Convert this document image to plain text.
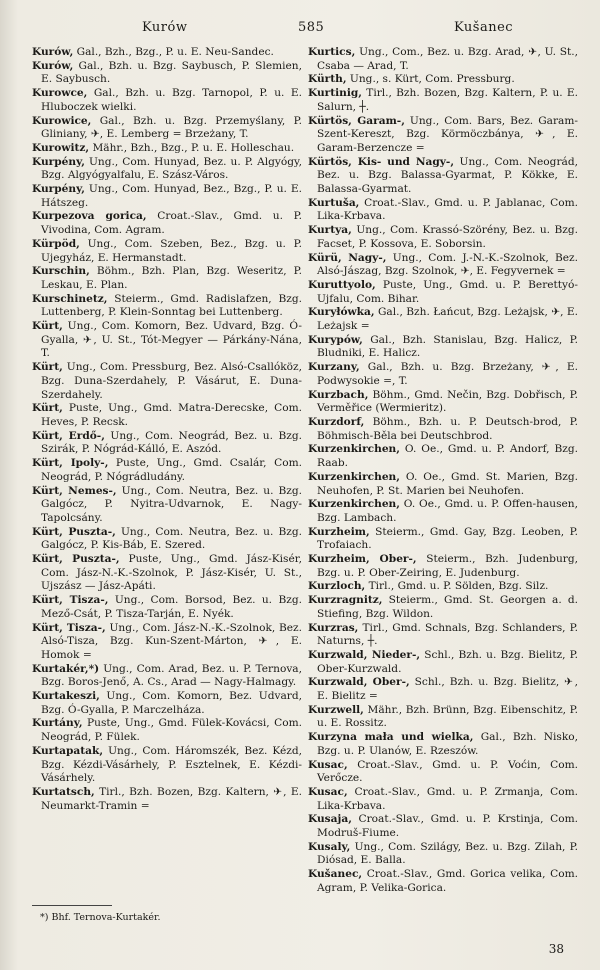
Kurów	585	Kušanec

Kurów, Gal., Bzh., Bzg., P. u. E. Neu-Sandec.

Kurów, Gal., Bzh. u. Bzg. Saybusch, P. Slemien, E. Saybusch.

Kurowce, Gal., Bzh. u. Bzg. Tarnopol, P. u. E. Hluboczek wielki.

Kurowice, Gal., Bzh. u. Bzg. Przemyślany, P. Gliniany, ✈, E. Lemberg = Brzeżany, T.

Kurowitz, Mähr., Bzh., Bzg., P. u. E. Holleschau.

Kurpény, Ung., Com. Hunyad, Bez. u. P. Algyógy, Bzg. Algyógyalfalu, E. Szász-Város.

Kurpény, Ung., Com. Hunyad, Bez., Bzg., P. u. E. Hátszeg.

Kurpezova gorica, Croat.-Slav., Gmd. u. P. Vivodina, Com. Agram.

Kürpöd, Ung., Com. Szeben, Bez., Bzg. u. P. Ujegyház, E. Hermanstadt.

Kurschin, Böhm., Bzh. Plan, Bzg. Weseritz, P. Leskau, E. Plan.

Kurschinetz, Steierm., Gmd. Radislafzen, Bzg. Luttenberg, P. Klein-Sonntag bei Luttenberg.

Kürt, Ung., Com. Komorn, Bez. Udvard, Bzg. Ó-Gyalla, ✈, U. St., Tót-Megyer — Párkány-Nána, T.

Kürt, Ung., Com. Pressburg, Bez. Alsó-Csallóköz, Bzg. Duna-Szerdahely, P. Vásárut, E. Duna-Szerdahely.

Kürt, Puste, Ung., Gmd. Matra-Derecske, Com. Heves, P. Recsk.

Kürt, Erdő-, Ung., Com. Neográd, Bez. u. Bzg. Szirák, P. Nógrád-Kálló, E. Aszód.

Kürt, Ipoly-, Puste, Ung., Gmd. Csalár, Com. Neográd, P. Nógrádludány.

Kürt, Nemes-, Ung., Com. Neutra, Bez. u. Bzg. Galgócz, P. Nyitra-Udvarnok, E. Nagy-Tapolcsány.

Kürt, Puszta-, Ung., Com. Neutra, Bez. u. Bzg. Galgócz, P. Kis-Báb, E. Szered.

Kürt, Puszta-, Puste, Ung., Gmd. Jász-Kisér, Com. Jász-N.-K.-Szolnok, P. Jász-Kisér, U. St., Ujszász — Jász-Apáti.

Kürt, Tisza-, Ung., Com. Borsod, Bez. u. Bzg. Mező-Csát, P. Tisza-Tarján, E. Nyék.

Kürt, Tisza-, Ung., Com. Jász-N.-K.-Szolnok, Bez. Alsó-Tisza, Bzg. Kun-Szent-Márton, ✈, E. Homok =

Kurtakér,*) Ung., Com. Arad, Bez. u. P. Ternova, Bzg. Boros-Jenő, A. Cs., Arad — Nagy-Halmagy.

Kurtakeszi, Ung., Com. Komorn, Bez. Udvard, Bzg. Ó-Gyalla, P. Marczelháza.

Kurtány, Puste, Ung., Gmd. Fülek-Kovácsi, Com. Neográd, P. Fülek.

Kurtapatak, Ung., Com. Háromszék, Bez. Kézd, Bzg. Kézdi-Vásárhely, P. Esztelnek, E. Kézdi-Vásárhely.

Kurtatsch, Tirl., Bzh. Bozen, Bzg. Kaltern, ✈, E. Neumarkt-Tramin =

Kurtics, Ung., Com., Bez. u. Bzg. Arad, ✈, U. St., Csaba — Arad, T.

Kürth, Ung., s. Kürt, Com. Pressburg.

Kurtinig, Tirl., Bzh. Bozen, Bzg. Kaltern, P. u. E. Salurn, ┼.

Kürtös, Garam-, Ung., Com. Bars, Bez. Garam-Szent-Kereszt, Bzg. Körmöczbánya, ✈, E. Garam-Berzencze =

Kürtös, Kis- und Nagy-, Ung., Com. Neográd, Bez. u. Bzg. Balassa-Gyarmat, P. Kökke, E. Balassa-Gyarmat.

Kurtuša, Croat.-Slav., Gmd. u. P. Jablanac, Com. Lika-Krbava.

Kurtya, Ung., Com. Krassó-Szörény, Bez. u. Bzg. Facset, P. Kossova, E. Soborsin.

Kürü, Nagy-, Ung., Com. J.-N.-K.-Szolnok, Bez. Alsó-Jászag, Bzg. Szolnok, ✈, E. Fegyvernek =

Kuruttyolo, Puste, Ung., Gmd. u. P. Berettyó-Ujfalu, Com. Bihar.

Kuryłówka, Gal., Bzh. Łańcut, Bzg. Leżajsk, ✈, E. Leżajsk =

Kurypów, Gal., Bzh. Stanislau, Bzg. Halicz, P. Bludniki, E. Halicz.

Kurzany, Gal., Bzh. u. Bzg. Brzeżany, ✈, E. Podwysokie =, T.

Kurzbach, Böhm., Gmd. Nečin, Bzg. Dobřisch, P. Verměřice (Wermieritz).

Kurzdorf, Böhm., Bzh. u. P. Deutsch-brod, P. Böhmisch-Běla bei Deutschbrod.

Kurzenkirchen, O. Oe., Gmd. u. P. Andorf, Bzg. Raab.

Kurzenkirchen, O. Oe., Gmd. St. Marien, Bzg. Neuhofen, P. St. Marien bei Neuhofen.

Kurzenkirchen, O. Oe., Gmd. u. P. Offen-hausen, Bzg. Lambach.

Kurzheim, Steierm., Gmd. Gay, Bzg. Leoben, P. Trofaiach.

Kurzheim, Ober-, Steierm., Bzh. Judenburg, Bzg. u. P. Ober-Zeiring, E. Judenburg.

Kurzloch, Tirl., Gmd. u. P. Sölden, Bzg. Silz.

Kurzragnitz, Steierm., Gmd. St. Georgen a. d. Stiefing, Bzg. Wildon.

Kurzras, Tirl., Gmd. Schnals, Bzg. Schlanders, P. Naturns, ┼.

Kurzwald, Nieder-, Schl., Bzh. u. Bzg. Bielitz, P. Ober-Kurzwald.

Kurzwald, Ober-, Schl., Bzh. u. Bzg. Bielitz, ✈, E. Bielitz =

Kurzwell, Mähr., Bzh. Brünn, Bzg. Eibenschitz, P. u. E. Rossitz.

Kurzyna mała und wielka, Gal., Bzh. Nisko, Bzg. u. P. Ulanów, E. Rzeszów.

Kusac, Croat.-Slav., Gmd. u. P. Voćin, Com. Verőcze.

Kusac, Croat.-Slav., Gmd. u. P. Zrmanja, Com. Lika-Krbava.

Kusaja, Croat.-Slav., Gmd. u. P. Krstinja, Com. Modruš-Fiume.

Kusaly, Ung., Com. Szilágy, Bez. u. Bzg. Zilah, P. Diósad, E. Balla.

Kušanec, Croat.-Slav., Gmd. Gorica velika, Com. Agram, P. Velika-Gorica.

*) Bhf. Ternova-Kurtakér.
38
